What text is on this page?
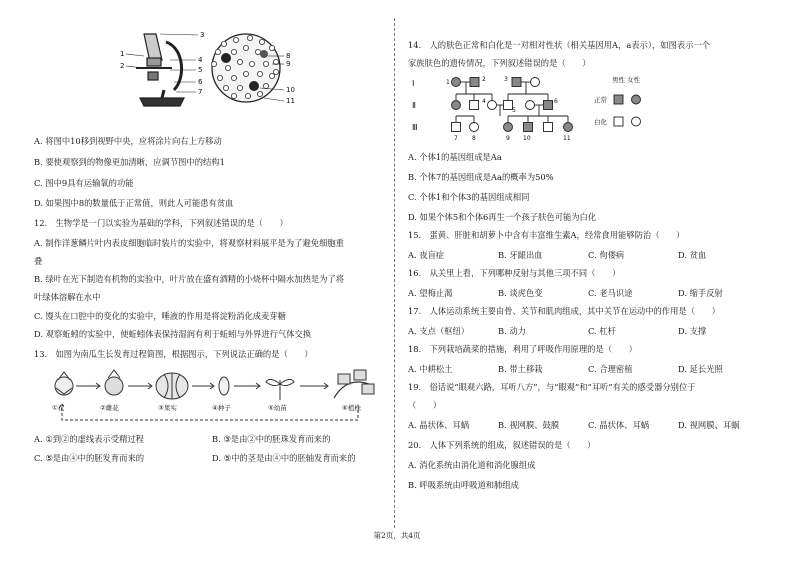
3
1
2
4
5
6
7
8
9
10
11
A. 将图中10移到视野中央，应将涂片向右上方移动
B. 要使观察到的物像更加清晰，应调节图中的结构1
C. 图中9具有运输氧的功能
D. 如果图中8的数量低于正常值，则此人可能患有贫血
12.　生物学是一门以实验为基础的学科，下列叙述错误的是（　　）
A. 制作洋葱鳞片叶内表皮细胞临时装片的实验中，将观察材料展平是为了避免细胞重
叠
B. 绿叶在光下制造有机物的实验中，叶片放在盛有酒精的小烧杯中隔水加热是为了将
叶绿体溶解在水中
C. 馒头在口腔中的变化的实验中，唾液的作用是将淀粉消化成麦芽糖
D. 观察蚯蚓的实验中，使蚯蚓体表保持湿润有利于蚯蚓与外界进行气体交换
13.　如图为南瓜生长发育过程简图，根据图示，下列说法正确的是（　　）
①花	②雌花	③果实	④种子	⑤幼苗	⑥植株
A. ①到②的虚线表示受精过程	B. ③是由②中的胚珠发育而来的
C. ⑤是由④中的胚发育而来的	D. ⑤中的茎是由④中的胚轴发育而来的
14.　人的肤色正常和白化是一对相对性状（相关基因用A，a表示），如图表示一个
家族肤色的遗传情况，下列叙述错误的是（　　）
Ⅰ
Ⅱ
Ⅲ
1	2	3
4
5
6
7 8	9 10	11
男性 女性
正常
白化
A. 个体1的基因组成是Aa
B. 个体7的基因组成是Aa的概率为50%
C. 个体1和个体3的基因组成相同
D. 如果个体5和个体6再生一个孩子肤色可能为白化
15.　蛋黄、肝脏和胡萝卜中含有丰富维生素A，经常食用能够防治（　　）
A. 夜盲症	B. 牙龈出血	C. 佝偻病	D. 贫血
16.　从关里上看，下列哪种反射与其他三项不同（　　）
A. 望梅止渴	B. 谈虎色变	C. 老马识途	D. 缩手反射
17.　人体运动系统主要由骨、关节和肌肉组成，其中关节在运动中的作用是（　　）
A. 支点（枢纽）	B. 动力	C. 杠杆	D. 支撑
18.　下列栽培蔬菜的措施，利用了呼吸作用原理的是（　　）
A. 中耕松土	B. 带土移栽	C. 合理密植	D. 延长光照
19.　俗话说“眼观六路，耳听八方”，与“眼观”和“耳听”有关的感受器分别位于
（　　）
A. 晶状体、耳蜗	B. 视网膜、鼓膜	C. 晶状体、耳蜗	D. 视网膜、耳蜗
20.　人体下列系统的组成，叙述错误的是（　　）
A. 消化系统由消化道和消化腺组成
B. 呼吸系统由呼吸道和肺组成
第2页，共4页
